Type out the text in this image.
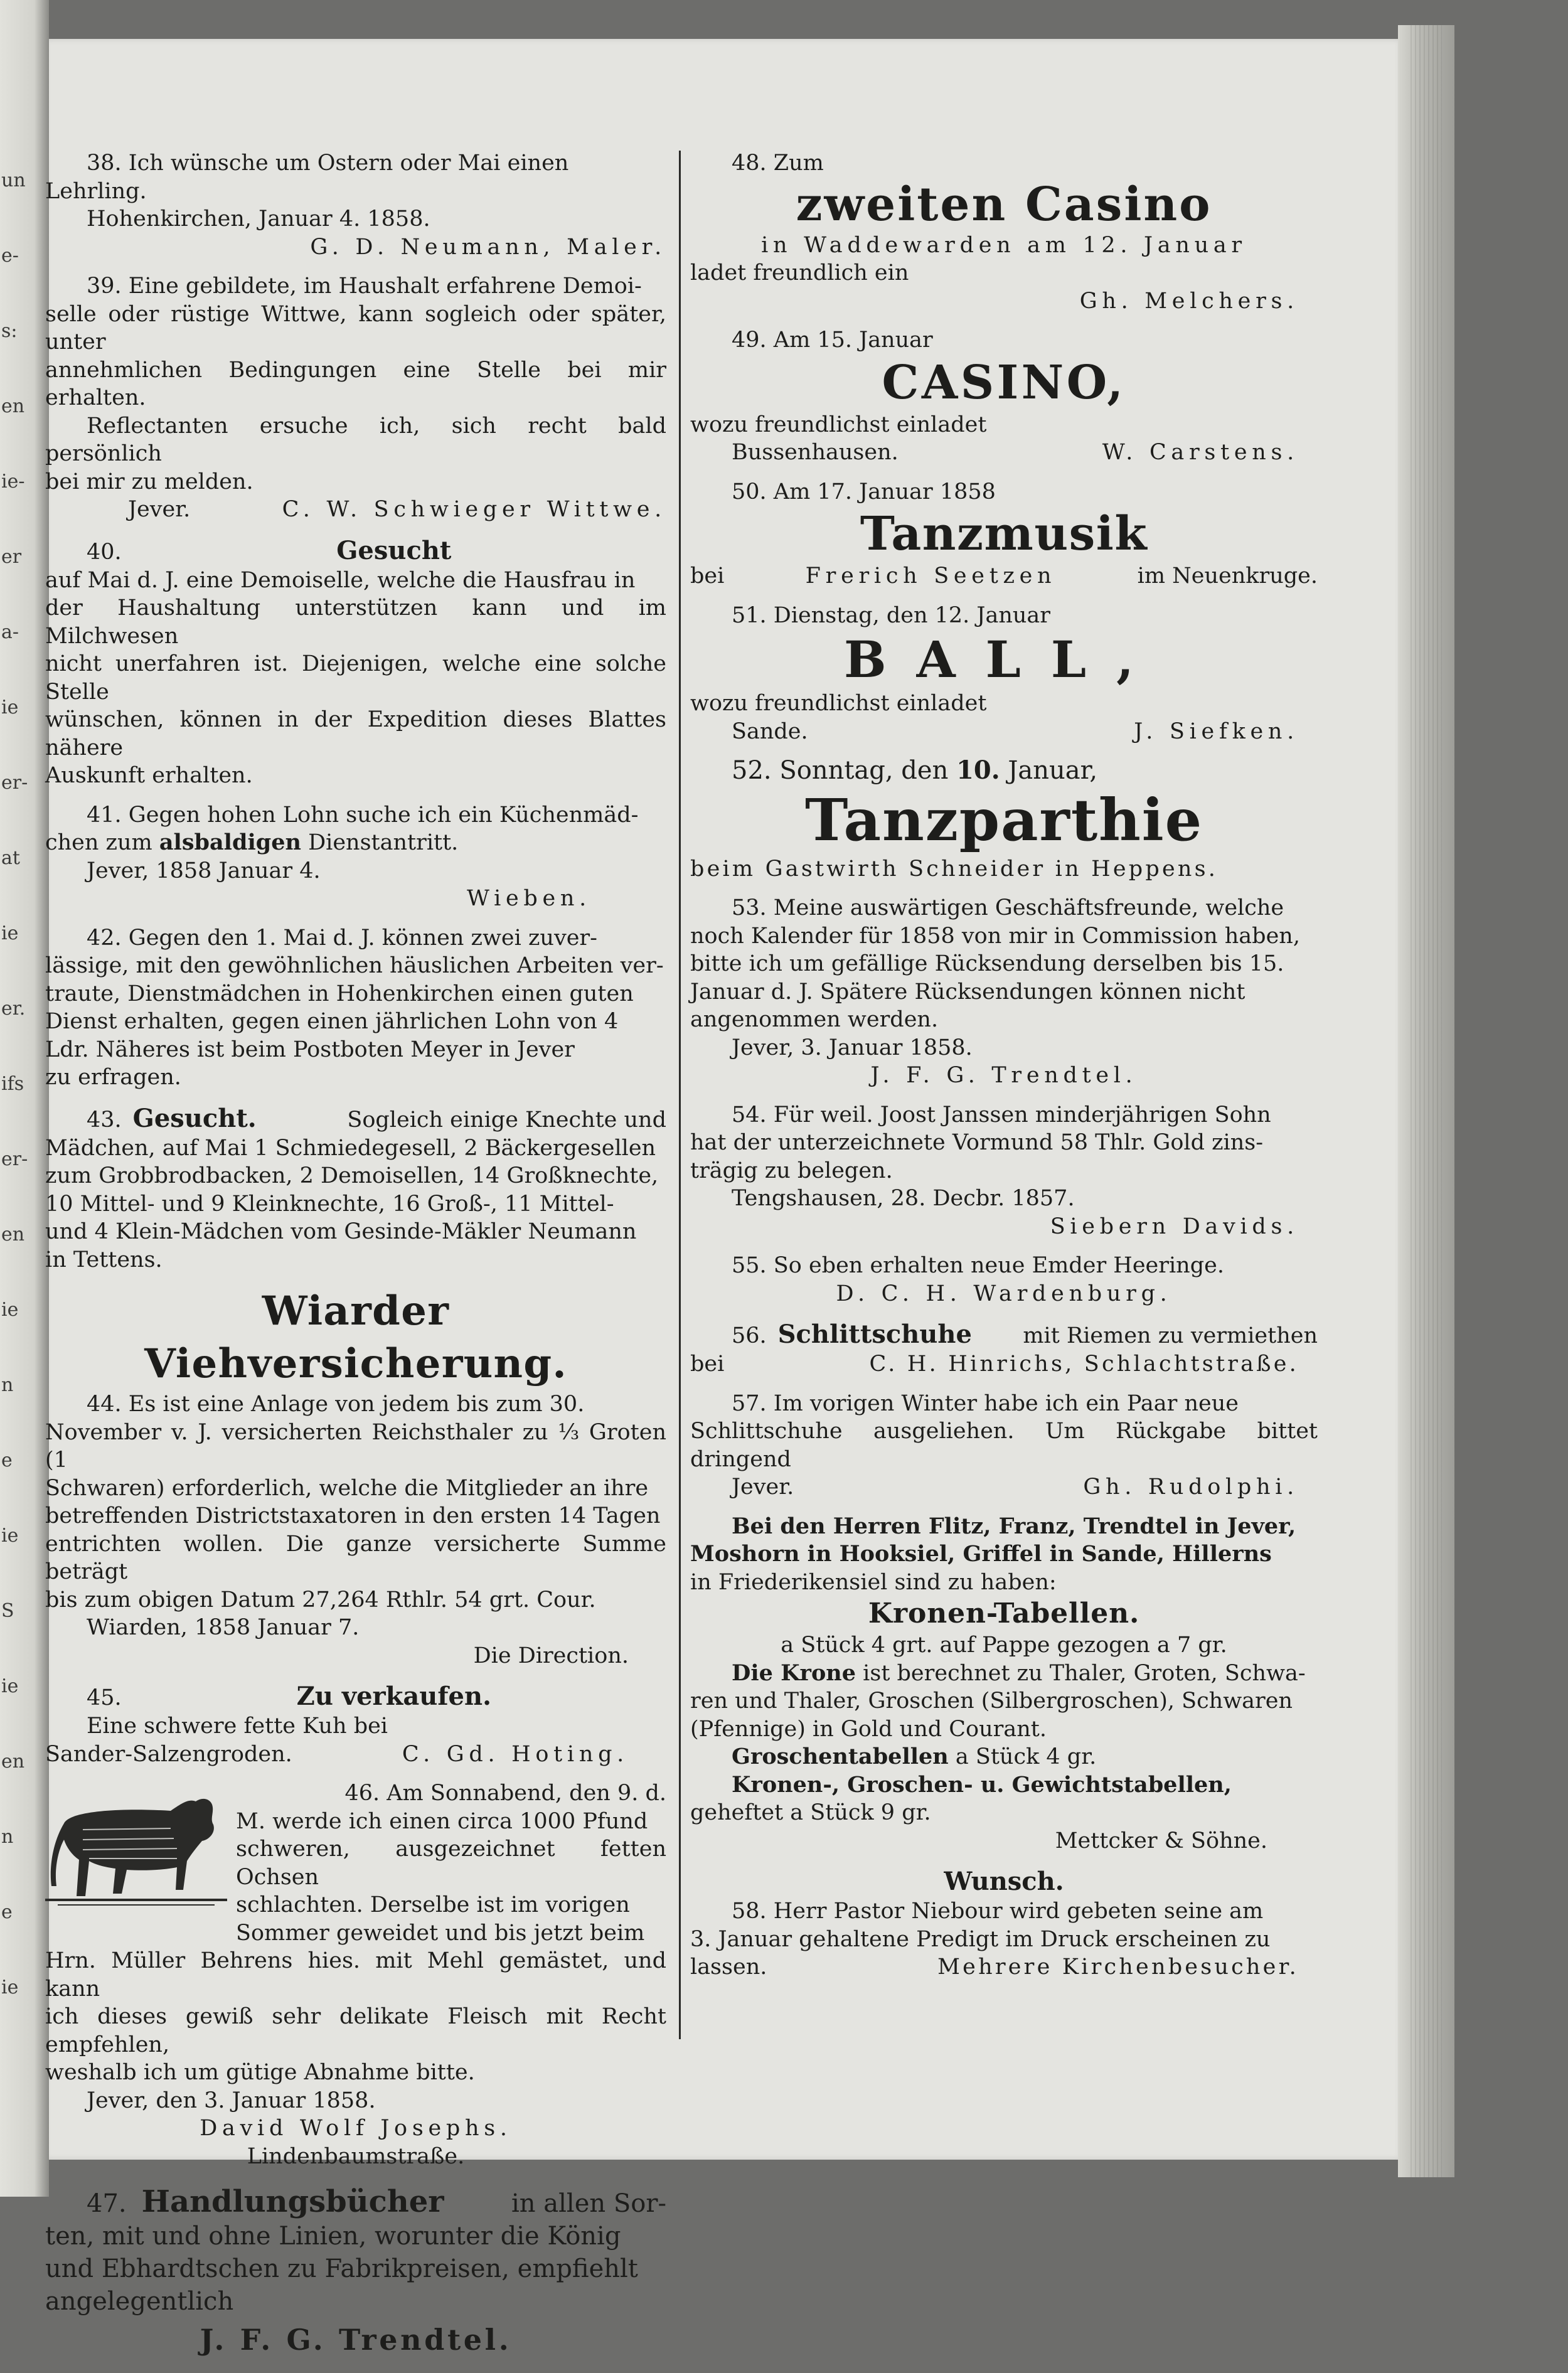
un
e-
s:
en
ie-
er
a-
ie
er-
at
ie
er.
ifs
er-
en
ie
n
e
ie
S
ie
en
n
e
ie

38. Ich wünsche um Ostern oder Mai einen

Lehrling.

Hohenkirchen, Januar 4. 1858.

G. D. Neumann, Maler.

39. Eine gebildete, im Haushalt erfahrene Demoi-

selle oder rüstige Wittwe, kann sogleich oder später, unter

annehmlichen Bedingungen eine Stelle bei mir erhalten.

Reflectanten ersuche ich, sich recht bald persönlich

bei mir zu melden.

Jever.	C. W. Schwieger Wittwe.
40.	Gesucht

auf Mai d. J. eine Demoiselle, welche die Hausfrau in

der Haushaltung unterstützen kann und im Milchwesen

nicht unerfahren ist. Diejenigen, welche eine solche Stelle

wünschen, können in der Expedition dieses Blattes nähere

Auskunft erhalten.

41. Gegen hohen Lohn suche ich ein Küchenmäd-

chen zum alsbaldigen Dienstantritt.

Jever, 1858 Januar 4.

Wieben.

42. Gegen den 1. Mai d. J. können zwei zuver-

lässige, mit den gewöhnlichen häuslichen Arbeiten ver-

traute, Dienstmädchen in Hohenkirchen einen guten

Dienst erhalten, gegen einen jährlichen Lohn von 4

Ldr. Näheres ist beim Postboten Meyer in Jever

zu erfragen.

43. Gesucht.	Sogleich einige Knechte und

Mädchen, auf Mai 1 Schmiedegesell, 2 Bäckergesellen

zum Grobbrodbacken, 2 Demoisellen, 14 Großknechte,

10 Mittel- und 9 Kleinknechte, 16 Groß-, 11 Mittel-

und 4 Klein-Mädchen vom Gesinde-Mäkler Neumann

in Tettens.

Wiarder Viehversicherung.

44. Es ist eine Anlage von jedem bis zum 30.

November v. J. versicherten Reichsthaler zu ⅓ Groten (1

Schwaren) erforderlich, welche die Mitglieder an ihre

betreffenden Districtstaxatoren in den ersten 14 Tagen

entrichten wollen. Die ganze versicherte Summe beträgt

bis zum obigen Datum 27,264 Rthlr. 54 grt. Cour.

Wiarden, 1858 Januar 7.

Die Direction.

45.	Zu verkaufen.

Eine schwere fette Kuh bei

Sander-Salzengroden.	C. Gd. Hoting.

46. Am Sonnabend, den 9. d.

M. werde ich einen circa 1000 Pfund

schweren, ausgezeichnet fetten Ochsen

schlachten. Derselbe ist im vorigen

Sommer geweidet und bis jetzt beim

Hrn. Müller Behrens hies. mit Mehl gemästet, und kann

ich dieses gewiß sehr delikate Fleisch mit Recht empfehlen,

weshalb ich um gütige Abnahme bitte.

Jever, den 3. Januar 1858.

David Wolf Josephs.

Lindenbaumstraße.

47. Handlungsbücher	in allen Sor-

ten, mit und ohne Linien, worunter die König

und Ebhardtschen zu Fabrikpreisen, empfiehlt

angelegentlich

J. F. G. Trendtel.

48. Zum

zweiten Casino

in Waddewarden am 12. Januar

ladet freundlich ein

Gh. Melchers.

49. Am 15. Januar

CASINO,

wozu freundlichst einladet

Bussenhausen.	W. Carstens.

50. Am 17. Januar 1858

Tanzmusik
bei	Frerich Seetzen	im Neuenkruge.

51. Dienstag, den 12. Januar

BALL,

wozu freundlichst einladet

Sande.	J. Siefken.

52. Sonntag, den 10. Januar,

Tanzparthie

beim Gastwirth Schneider in Heppens.

53. Meine auswärtigen Geschäftsfreunde, welche

noch Kalender für 1858 von mir in Commission haben,

bitte ich um gefällige Rücksendung derselben bis 15.

Januar d. J. Spätere Rücksendungen können nicht

angenommen werden.

Jever, 3. Januar 1858.

J. F. G. Trendtel.

54. Für weil. Joost Janssen minderjährigen Sohn

hat der unterzeichnete Vormund 58 Thlr. Gold zins-

trägig zu belegen.

Tengshausen, 28. Decbr. 1857.

Siebern Davids.

55. So eben erhalten neue Emder Heeringe.

D. C. H. Wardenburg.

56. Schlittschuhe	mit Riemen zu vermiethen
bei	C. H. Hinrichs, Schlachtstraße.

57. Im vorigen Winter habe ich ein Paar neue

Schlittschuhe ausgeliehen. Um Rückgabe bittet dringend

Jever.	Gh. Rudolphi.

Bei den Herren Flitz, Franz, Trendtel in Jever,

Moshorn in Hooksiel, Griffel in Sande, Hillerns

in Friederikensiel sind zu haben:

Kronen-Tabellen.

a Stück 4 grt. auf Pappe gezogen a 7 gr.

Die Krone ist berechnet zu Thaler, Groten, Schwa-

ren und Thaler, Groschen (Silbergroschen), Schwaren

(Pfennige) in Gold und Courant.

Groschentabellen a Stück 4 gr.

Kronen-, Groschen- u. Gewichtstabellen,

geheftet a Stück 9 gr.

Mettcker & Söhne.

Wunsch.

58. Herr Pastor Niebour wird gebeten seine am

3. Januar gehaltene Predigt im Druck erscheinen zu

lassen.	Mehrere Kirchenbesucher.
